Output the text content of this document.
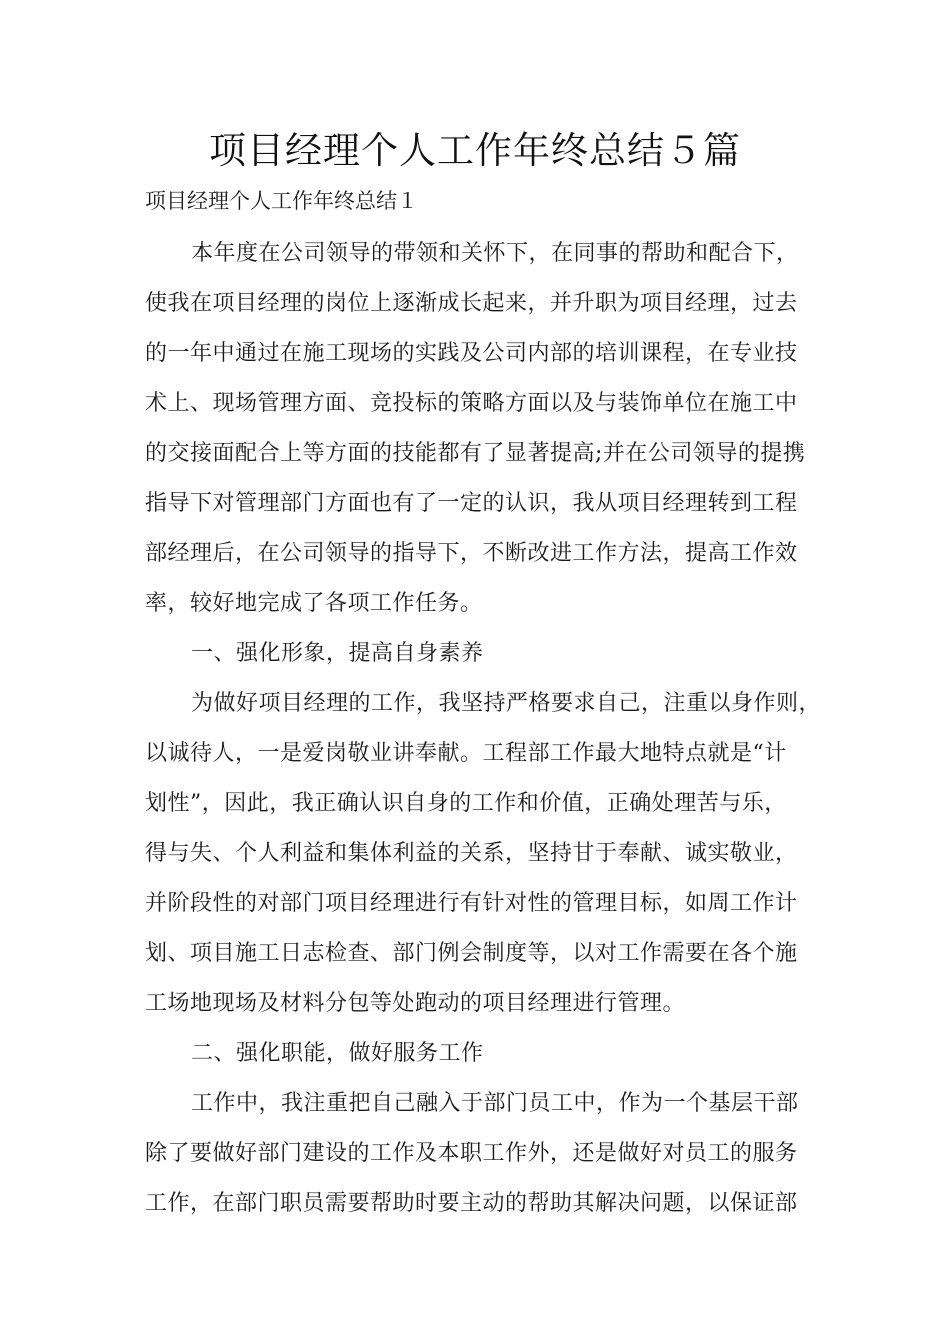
项目经理个人工作年终总结５篇

项目经理个人工作年终总结１

本年度在公司领导的带领和关怀下，在同事的帮助和配合下，
使我在项目经理的岗位上逐渐成长起来，并升职为项目经理，过去
的一年中通过在施工现场的实践及公司内部的培训课程，在专业技
术上、现场管理方面、竞投标的策略方面以及与装饰单位在施工中
的交接面配合上等方面的技能都有了显著提高;并在公司领导的提携
指导下对管理部门方面也有了一定的认识，我从项目经理转到工程
部经理后，在公司领导的指导下，不断改进工作方法，提高工作效
率，较好地完成了各项工作任务。
一、强化形象，提高自身素养
为做好项目经理的工作，我坚持严格要求自己，注重以身作则，
以诚待人，一是爱岗敬业讲奉献。工程部工作最大地特点就是“计
划性”，因此，我正确认识自身的工作和价值，正确处理苦与乐，
得与失、个人利益和集体利益的关系，坚持甘于奉献、诚实敬业，
并阶段性的对部门项目经理进行有针对性的管理目标，如周工作计
划、项目施工日志检查、部门例会制度等，以对工作需要在各个施
工场地现场及材料分包等处跑动的项目经理进行管理。
二、强化职能，做好服务工作
工作中，我注重把自己融入于部门员工中，作为一个基层干部
除了要做好部门建设的工作及本职工作外，还是做好对员工的服务
工作，在部门职员需要帮助时要主动的帮助其解决问题，以保证部
